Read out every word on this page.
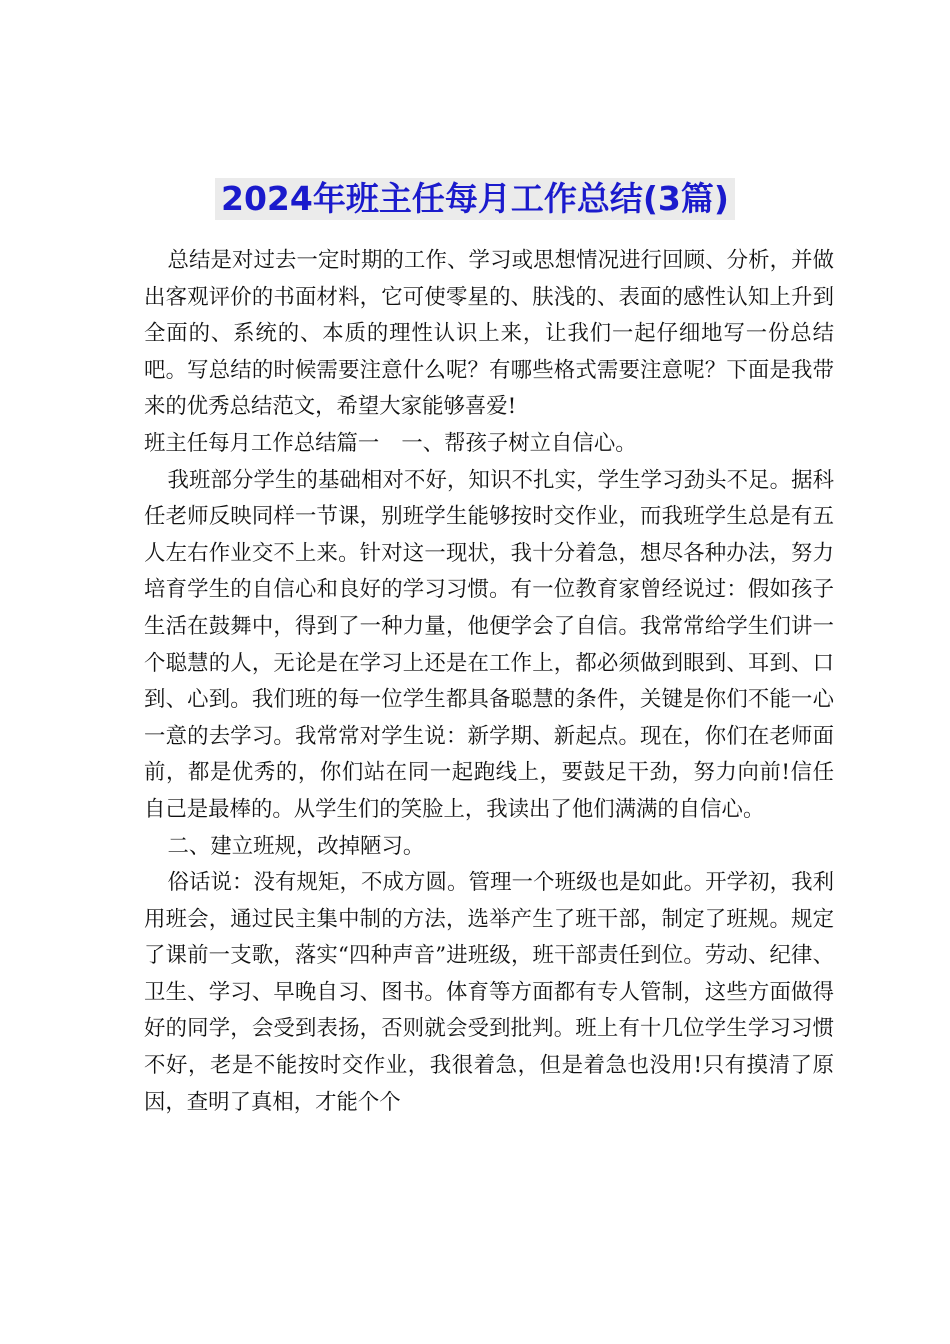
2024年班主任每月工作总结(3篇)

总结是对过去一定时期的工作、学习或思想情况进行回顾、分析，并做出客观评价的书面材料，它可使零星的、肤浅的、表面的感性认知上升到全面的、系统的、本质的理性认识上来，让我们一起仔细地写一份总结吧。写总结的时候需要注意什么呢？有哪些格式需要注意呢？下面是我带来的优秀总结范文，希望大家能够喜爱!

班主任每月工作总结篇一 一、帮孩子树立自信心。

我班部分学生的基础相对不好，知识不扎实，学生学习劲头不足。据科任老师反映同样一节课，别班学生能够按时交作业，而我班学生总是有五人左右作业交不上来。针对这一现状，我十分着急，想尽各种办法，努力培育学生的自信心和良好的学习习惯。有一位教育家曾经说过：假如孩子生活在鼓舞中，得到了一种力量，他便学会了自信。我常常给学生们讲一个聪慧的人，无论是在学习上还是在工作上，都必须做到眼到、耳到、口到、心到。我们班的每一位学生都具备聪慧的条件，关键是你们不能一心一意的去学习。我常常对学生说：新学期、新起点。现在，你们在老师面前，都是优秀的，你们站在同一起跑线上，要鼓足干劲，努力向前!信任自己是最棒的。从学生们的笑脸上，我读出了他们满满的自信心。

二、建立班规，改掉陋习。

俗话说：没有规矩，不成方圆。管理一个班级也是如此。开学初，我利用班会，通过民主集中制的方法，选举产生了班干部，制定了班规。规定了课前一支歌，落实“四种声音”进班级，班干部责任到位。劳动、纪律、卫生、学习、早晚自习、图书。体育等方面都有专人管制，这些方面做得好的同学，会受到表扬，否则就会受到批判。班上有十几位学生学习习惯不好，老是不能按时交作业，我很着急，但是着急也没用!只有摸清了原因，查明了真相，才能个个
